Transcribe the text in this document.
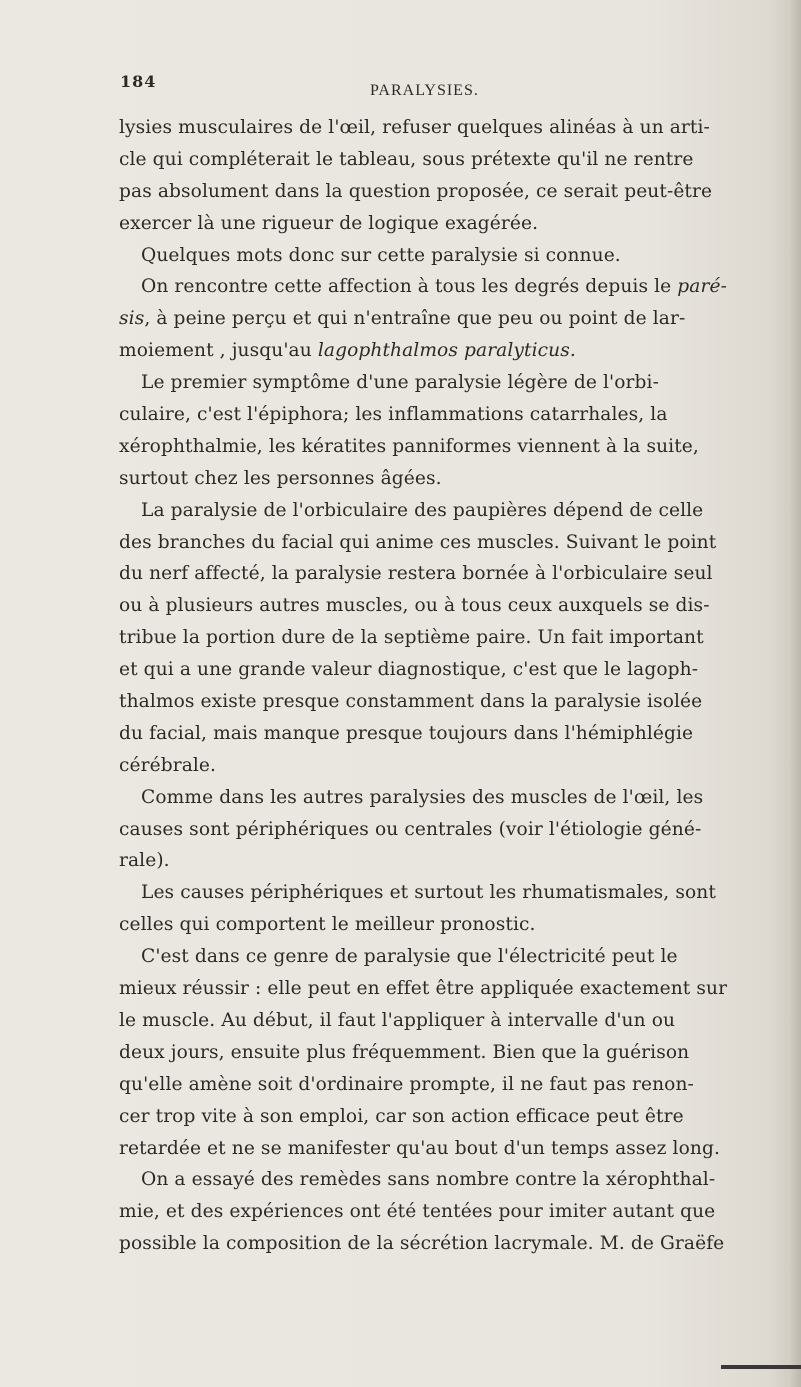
184	PARALYSIES.
lysies musculaires de l'œil, refuser quelques alinéas à un arti-
cle qui compléterait le tableau, sous prétexte qu'il ne rentre
pas absolument dans la question proposée, ce serait peut-être
exercer là une rigueur de logique exagérée.
Quelques mots donc sur cette paralysie si connue.
On rencontre cette affection à tous les degrés depuis le paré-
sis, à peine perçu et qui n'entraîne que peu ou point de lar-
moiement , jusqu'au lagophthalmos paralyticus.
Le premier symptôme d'une paralysie légère de l'orbi-
culaire, c'est l'épiphora; les inflammations catarrhales, la
xérophthalmie, les kératites panniformes viennent à la suite,
surtout chez les personnes âgées.
La paralysie de l'orbiculaire des paupières dépend de celle
des branches du facial qui anime ces muscles. Suivant le point
du nerf affecté, la paralysie restera bornée à l'orbiculaire seul
ou à plusieurs autres muscles, ou à tous ceux auxquels se dis-
tribue la portion dure de la septième paire. Un fait important
et qui a une grande valeur diagnostique, c'est que le lagoph-
thalmos existe presque constamment dans la paralysie isolée
du facial, mais manque presque toujours dans l'hémiphlégie
cérébrale.
Comme dans les autres paralysies des muscles de l'œil, les
causes sont périphériques ou centrales (voir l'étiologie géné-
rale).
Les causes périphériques et surtout les rhumatismales, sont
celles qui comportent le meilleur pronostic.
C'est dans ce genre de paralysie que l'électricité peut le
mieux réussir : elle peut en effet être appliquée exactement sur
le muscle. Au début, il faut l'appliquer à intervalle d'un ou
deux jours, ensuite plus fréquemment. Bien que la guérison
qu'elle amène soit d'ordinaire prompte, il ne faut pas renon-
cer trop vite à son emploi, car son action efficace peut être
retardée et ne se manifester qu'au bout d'un temps assez long.
On a essayé des remèdes sans nombre contre la xérophthal-
mie, et des expériences ont été tentées pour imiter autant que
possible la composition de la sécrétion lacrymale. M. de Graëfe
